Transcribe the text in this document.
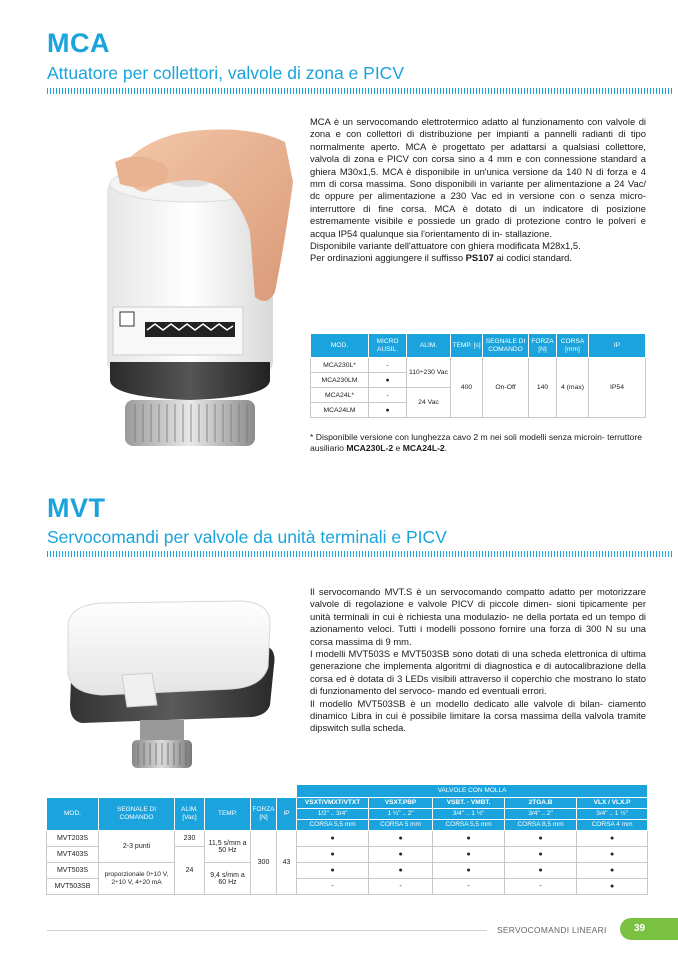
MCA
Attuatore per collettori, valvole di zona e PICV

MCA è un servocomando elettrotermico adatto al funzionamento con valvole di zona e con collettori di distribuzione per impianti a pannelli radianti di tipo normalmente aperto. MCA è progettato per adattarsi a qualsiasi collettore, valvola di zona e PICV con corsa sino a 4 mm e con connessione standard a ghiera M30x1,5. MCA è disponibile in un'unica versione da 140 N di forza e 4 mm di corsa massima. Sono disponibili in variante per alimentazione a 24 Vac/ dc oppure per alimentazione a 230 Vac ed in versione con o senza micro-interruttore di fine corsa. MCA è dotato di un indicatore di posizione estremamente visibile e possiede un grado di protezione contro le polveri e acqua IP54 qualunque sia l'orientamento di in- stallazione.

Disponibile variante dell'attuatore con ghiera modificata M28x1,5.

Per ordinazioni aggiungere il suffisso PS107 ai codici standard.

MOD.	MICRO AUSIL.	ALIM.	TEMP. [s]	SEGNALE DI COMANDO	FORZA [N]	CORSA [mm]	IP
MCA230L*	-	110÷230 Vac	400	On-Off	140	4 (max)	IP54
MCA230LM	●						
MCA24L*	-	24 Vac					
MCA24LM	●						
* Disponibile versione con lunghezza cavo 2 m nei soli modelli senza microin- terruttore ausiliario MCA230L-2 e MCA24L-2.
MVT
Servocomandi per valvole da unità terminali e PICV

Il servocomando MVT.S è un servocomando compatto adatto per motorizzare valvole di regolazione e valvole PICV di piccole dimen- sioni tipicamente per unità terminali in cui è richiesta una modulazio- ne della portata ed un tempo di azionamento veloci. Tutti i modelli possono fornire una forza di 300 N su una corsa massima di 9 mm.

I modelli MVT503S e MVT503SB sono dotati di una scheda elettronica di ultima generazione che implementa algoritmi di diagnostica e di autocalibrazione della corsa ed è dotata di 3 LEDs visibili attraverso il coperchio che mostrano lo stato di funzionamento del servoco- mando ed eventuali errori.

Il modello MVT503SB è un modello dedicato alle valvole di bilan- ciamento dinamico Libra in cui è possibile limitare la corsa massima della valvola tramite dipswitch sulla scheda.

						VALVOLE CON MOLLA				
MOD.	SEGNALE DI COMANDO	ALIM. [Vac]	TEMP.	FORZA [N]	IP	VSXT/VMXT/VTXT	VSXT.PBP	VSBT. - VMBT.	2TGA.B	VLX / VLX.P
						1/2" .. 3/4"	1 ¼" .. 2"	3/4" .. 1 ½"	3/4" .. 2"	3/4" .. 1 ½"
						CORSA 5,5 mm	CORSA 5 mm	CORSA 5,5 mm	CORSA 8,5 mm	CORSA 4 mm
MVT203S	2-3 punti	230	11,5 s/mm a 50 Hz	300	43	●	●	●	●	●
MVT403S		24				●	●	●	●	●
MVT503S	proporzionale 0÷10 V, 2÷10 V, 4÷20 mA		9,4 s/mm a 60 Hz			●	●	●	●	●
MVT503SB						-	-	-	-	●
SERVOCOMANDI LINEARI	39
